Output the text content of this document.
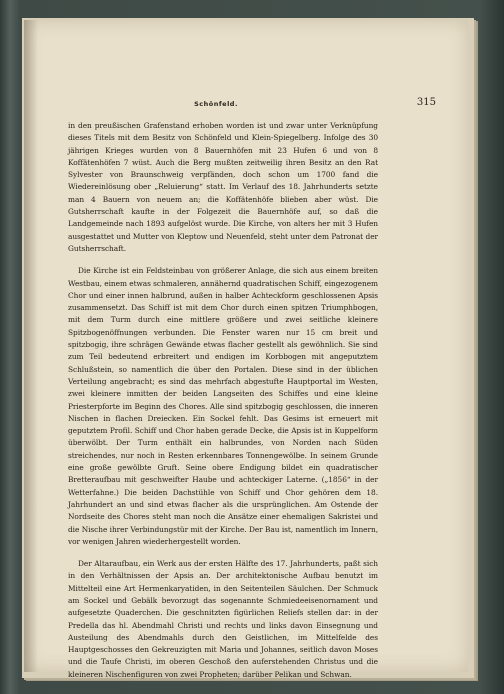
Schönfeld.	315

in den preußischen Grafenstand erhoben worden ist und zwar unter Verknüpfung dieses Titels mit dem Besitz von Schönfeld und Klein-Spiegelberg. Infolge des 30 jährigen Krieges wurden von 8 Bauernhöfen mit 23 Hufen 6 und von 8 Koffätenhöfen 7 wüst. Auch die Berg mußten zeitweilig ihren Besitz an den Rat Sylvester von Braunschweig verpfänden, doch schon um 1700 fand die Wiedereinlösung ober „Reluierung“ statt. Im Verlauf des 18. Jahrhunderts setzte man 4 Bauern von neuem an; die Koffätenhöfe blieben aber wüst. Die Gutsherrschaft kaufte in der Folgezeit die Bauernhöfe auf, so daß die Landgemeinde nach 1893 aufgelöst wurde. Die Kirche, von alters her mit 3 Hufen ausgestattet und Mutter von Kleptow und Neuenfeld, steht unter dem Patronat der Gutsherrschaft.

Die Kirche ist ein Feldsteinbau von größerer Anlage, die sich aus einem breiten Westbau, einem etwas schmaleren, annähernd quadratischen Schiff, eingezogenem Chor und einer innen halbrund, außen in halber Achteckform geschlossenen Apsis zusammensetzt. Das Schiff ist mit dem Chor durch einen spitzen Triumphbogen, mit dem Turm durch eine mittlere größere und zwei seitliche kleinere Spitzbogenöffnungen verbunden. Die Fenster waren nur 15 cm breit und spitzbogig, ihre schrägen Gewände etwas flacher gestellt als gewöhnlich. Sie sind zum Teil bedeutend erbreitert und endigen im Korbbogen mit angeputztem Schlußstein, so namentlich die über den Portalen. Diese sind in der üblichen Verteilung angebracht; es sind das mehrfach abgestufte Hauptportal im Westen, zwei kleinere inmitten der beiden Langseiten des Schiffes und eine kleine Priesterpforte im Beginn des Chores. Alle sind spitzbogig geschlossen, die inneren Nischen in flachen Dreiecken. Ein Sockel fehlt. Das Gesims ist erneuert mit geputztem Profil. Schiff und Chor haben gerade Decke, die Apsis ist in Kuppelform überwölbt. Der Turm enthält ein halbrundes, von Norden nach Süden streichendes, nur noch in Resten erkennbares Tonnengewölbe. In seinem Grunde eine große gewölbte Gruft. Seine obere Endigung bildet ein quadratischer Bretteraufbau mit geschweifter Haube und achteckiger Laterne. („1856“ in der Wetterfahne.) Die beiden Dachstühle von Schiff und Chor gehören dem 18. Jahrhundert an und sind etwas flacher als die ursprünglichen. Am Ostende der Nordseite des Chores steht man noch die Ansätze einer ehemaligen Sakristei und die Nische ihrer Verbindungstür mit der Kirche. Der Bau ist, namentlich im Innern, vor wenigen Jahren wiederhergestellt worden.

Der Altaraufbau, ein Werk aus der ersten Hälfte des 17. Jahrhunderts, paßt sich in den Verhältnissen der Apsis an. Der architektonische Aufbau benutzt im Mittelteil eine Art Hermenkaryatiden, in den Seitenteilen Säulchen. Der Schmuck am Sockel und Gebälk bevorzugt das sogenannte Schmiedeeisenornament und aufgesetzte Quaderchen. Die geschnitzten figürlichen Reliefs stellen dar: in der Predella das hl. Abendmahl Christi und rechts und links davon Einsegnung und Austeilung des Abendmahls durch den Geistlichen, im Mittelfelde des Hauptgeschosses den Gekreuzigten mit Maria und Johannes, seitlich davon Moses und die Taufe Christi, im oberen Geschoß den auferstehenden Christus und die kleineren Nischenfiguren von zwei Propheten; darüber Pelikan und Schwan.
